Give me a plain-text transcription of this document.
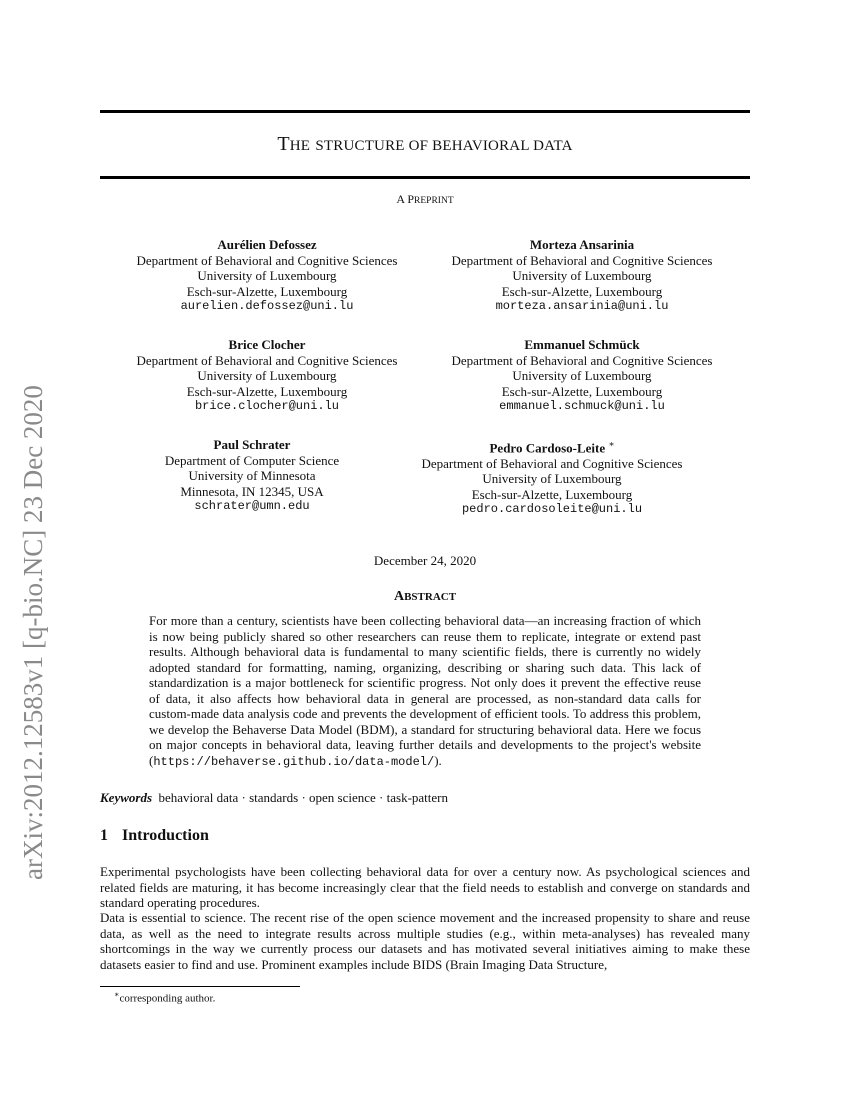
arXiv:2012.12583v1 [q-bio.NC] 23 Dec 2020
THE STRUCTURE OF BEHAVIORAL DATA
A PREPRINT
Aurélien Defossez
Department of Behavioral and Cognitive Sciences
University of Luxembourg
Esch-sur-Alzette, Luxembourg
aurelien.defossez@uni.lu
Morteza Ansarinia
Department of Behavioral and Cognitive Sciences
University of Luxembourg
Esch-sur-Alzette, Luxembourg
morteza.ansarinia@uni.lu
Brice Clocher
Department of Behavioral and Cognitive Sciences
University of Luxembourg
Esch-sur-Alzette, Luxembourg
brice.clocher@uni.lu
Emmanuel Schmück
Department of Behavioral and Cognitive Sciences
University of Luxembourg
Esch-sur-Alzette, Luxembourg
emmanuel.schmuck@uni.lu
Paul Schrater
Department of Computer Science
University of Minnesota
Minnesota, IN 12345, USA
schrater@umn.edu
Pedro Cardoso-Leite ∗
Department of Behavioral and Cognitive Sciences
University of Luxembourg
Esch-sur-Alzette, Luxembourg
pedro.cardosoleite@uni.lu
December 24, 2020
ABSTRACT
For more than a century, scientists have been collecting behavioral data—an increasing fraction of which is now being publicly shared so other researchers can reuse them to replicate, integrate or extend past results. Although behavioral data is fundamental to many scientific fields, there is currently no widely adopted standard for formatting, naming, organizing, describing or sharing such data. This lack of standardization is a major bottleneck for scientific progress. Not only does it prevent the effective reuse of data, it also affects how behavioral data in general are processed, as non-standard data calls for custom-made data analysis code and prevents the development of efficient tools. To address this problem, we develop the Behaverse Data Model (BDM), a standard for structuring behavioral data. Here we focus on major concepts in behavioral data, leaving further details and developments to the project's website (https://behaverse.github.io/data-model/).
Keywords behavioral data · standards · open science · task-pattern
1 Introduction
Experimental psychologists have been collecting behavioral data for over a century now. As psychological sciences and related fields are maturing, it has become increasingly clear that the field needs to establish and converge on standards and standard operating procedures.
Data is essential to science. The recent rise of the open science movement and the increased propensity to share and reuse data, as well as the need to integrate results across multiple studies (e.g., within meta-analyses) has revealed many shortcomings in the way we currently process our datasets and has motivated several initiatives aiming to make these datasets easier to find and use. Prominent examples include BIDS (Brain Imaging Data Structure,
∗corresponding author.
